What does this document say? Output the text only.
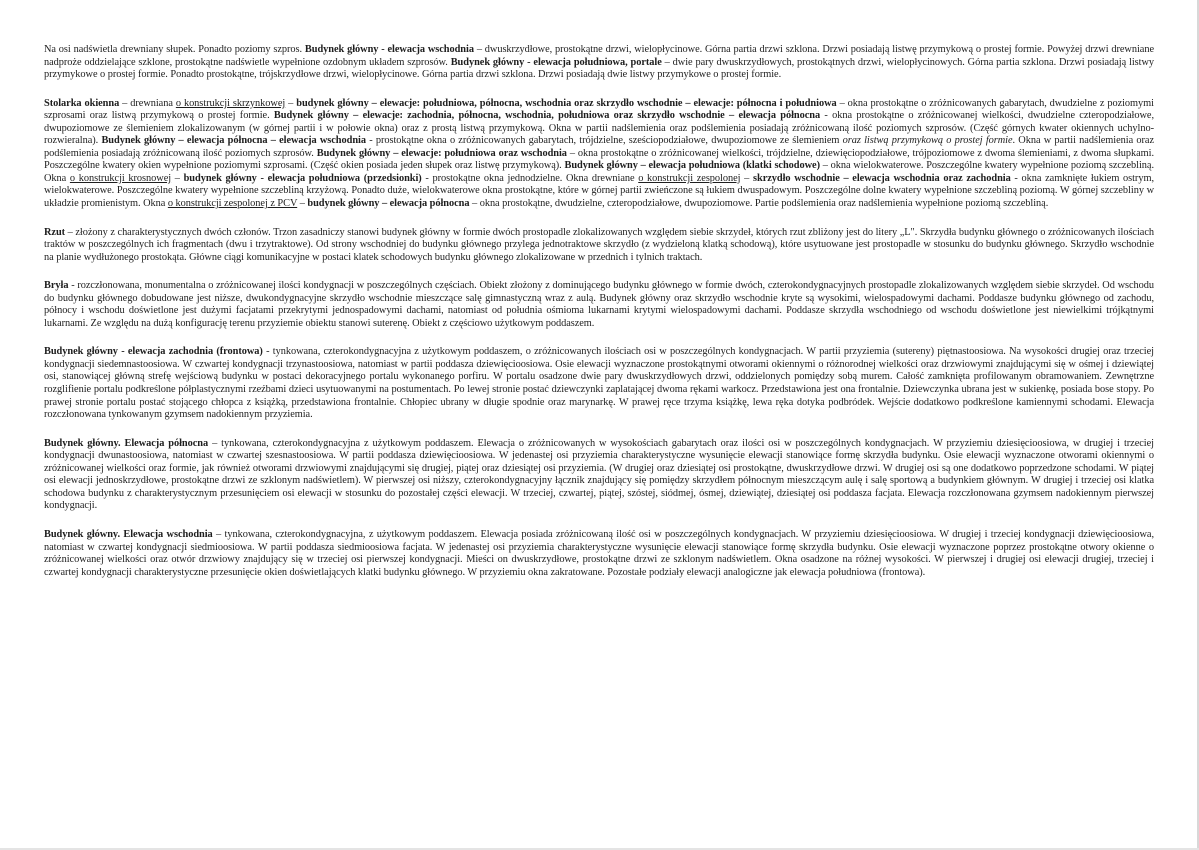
Na osi nadświetla drewniany słupek. Ponadto poziomy szpros. Budynek główny - elewacja wschodnia – dwuskrzydłowe, prostokątne drzwi, wielopłycinowe. Górna partia drzwi szklona. Drzwi posiadają listwę przymykową o prostej formie. Powyżej drzwi drewniane nadproże oddzielające szklone, prostokątne nadświetle wypełnione ozdobnym układem szprosów. Budynek główny - elewacja południowa, portale – dwie pary dwuskrzydłowych, prostokątnych drzwi, wielopłycinowych. Górna partia szklona. Drzwi posiadają listwy przymykowe o prostej formie. Ponadto prostokątne, trójskrzydłowe drzwi, wielopłycinowe. Górna partia drzwi szklona. Drzwi posiadają dwie listwy przymykowe o prostej formie.

Stolarka okienna – drewniana o konstrukcji skrzynkowej – budynek główny – elewacje: południowa, północna, wschodnia oraz skrzydło wschodnie – elewacje: północna i południowa – okna prostokątne o zróżnicowanych gabarytach, dwudzielne z poziomymi szprosami oraz listwą przymykową o prostej formie. Budynek główny – elewacje: zachodnia, północna, wschodnia, południowa oraz skrzydło wschodnie – elewacja północna - okna prostokątne o zróżnicowanej wielkości, dwudzielne czteropodziałowe, dwupoziomowe ze ślemieniem zlokalizowanym (w górnej partii i w połowie okna) oraz z prostą listwą przymykową. Okna w partii nadślemienia oraz podślemienia posiadają zróżnicowaną ilość poziomych szprosów. (Część górnych kwater okiennych uchylno-rozwieralna). Budynek główny – elewacja północna – elewacja wschodnia - prostokątne okna o zróżnicowanych gabarytach, trójdzielne, sześciopodziałowe, dwupoziomowe ze ślemieniem oraz listwą przymykową o prostej formie. Okna w partii nadślemienia oraz podślemienia posiadają zróżnicowaną ilość poziomych szprosów. Budynek główny – elewacje: południowa oraz wschodnia – okna prostokątne o zróżnicowanej wielkości, trójdzielne, dziewięciopodziałowe, trójpoziomowe z dwoma ślemieniami, z dwoma słupkami. Poszczególne kwatery okien wypełnione poziomymi szprosami. (Część okien posiada jeden słupek oraz listwę przymykową). Budynek główny – elewacja południowa (klatki schodowe) – okna wielokwaterowe. Poszczególne kwatery wypełnione poziomą szczebliną. Okna o konstrukcji krosnowej – budynek główny - elewacja południowa (przedsionki) - prostokątne okna jednodzielne. Okna drewniane o konstrukcji zespolonej – skrzydło wschodnie – elewacja wschodnia oraz zachodnia - okna zamknięte łukiem ostrym, wielokwaterowe. Poszczególne kwatery wypełnione szczebliną krzyżową. Ponadto duże, wielokwaterowe okna prostokątne, które w górnej partii zwieńczone są łukiem dwuspadowym. Poszczególne dolne kwatery wypełnione szczebliną poziomą. W górnej szczebliny w układzie promienistym. Okna o konstrukcji zespolonej z PCV – budynek główny – elewacja północna – okna prostokątne, dwudzielne, czteropodziałowe, dwupoziomowe. Partie podślemienia oraz nadślemienia wypełnione poziomą szczebliną.

Rzut – złożony z charakterystycznych dwóch członów. Trzon zasadniczy stanowi budynek główny w formie dwóch prostopadle zlokalizowanych względem siebie skrzydeł, których rzut zbliżony jest do litery „L". Skrzydła budynku głównego o zróżnicowanych ilościach traktów w poszczególnych ich fragmentach (dwu i trzytraktowe). Od strony wschodniej do budynku głównego przylega jednotraktowe skrzydło (z wydzieloną klatką schodową), które usytuowane jest prostopadle w stosunku do budynku głównego. Skrzydło wschodnie na planie wydłużonego prostokąta. Główne ciągi komunikacyjne w postaci klatek schodowych budynku głównego zlokalizowane w przednich i tylnich traktach.

Bryła - rozczłonowana, monumentalna o zróżnicowanej ilości kondygnacji w poszczególnych częściach. Obiekt złożony z dominującego budynku głównego w formie dwóch, czterokondygnacyjnych prostopadle zlokalizowanych względem siebie skrzydeł. Od wschodu do budynku głównego dobudowane jest niższe, dwukondygnacyjne skrzydło wschodnie mieszczące salę gimnastyczną wraz z aulą. Budynek główny oraz skrzydło wschodnie kryte są wysokimi, wielospadowymi dachami. Poddasze budynku głównego od zachodu, północy i wschodu doświetlone jest dużymi facjatami przekrytymi jednospadowymi dachami, natomiast od południa ośmioma lukarnami krytymi wielospadowymi dachami. Poddasze skrzydła wschodniego od wschodu doświetlone jest niewielkimi trójkątnymi lukarnami. Ze względu na dużą konfigurację terenu przyziemie obiektu stanowi suterenę. Obiekt z częściowo użytkowym poddaszem.

Budynek główny - elewacja zachodnia (frontowa) - tynkowana, czterokondygnacyjna z użytkowym poddaszem, o zróżnicowanych ilościach osi w poszczególnych kondygnacjach. W partii przyziemia (sutereny) piętnastoosiowa. Na wysokości drugiej oraz trzeciej kondygnacji siedemnastoosiowa. W czwartej kondygnacji trzynastoosiowa, natomiast w partii poddasza dziewięcioosiowa. Osie elewacji wyznaczone prostokątnymi otworami okiennymi o różnorodnej wielkości oraz drzwiowymi znajdującymi się w ośmej i dziewiątej osi, stanowiącej główną strefę wejściową budynku w postaci dekoracyjnego portalu wykonanego porfiru. W portalu osadzone dwie pary dwuskrzydłowych drzwi, oddzielonych pomiędzy sobą murem. Całość zamknięta profilowanym obramowaniem. Zewnętrzne rozglifienie portalu podkreślone półplastycznymi rzeźbami dzieci usytuowanymi na postumentach. Po lewej stronie postać dziewczynki zaplatającej dwoma rękami warkocz. Przedstawiona jest ona frontalnie. Dziewczynka ubrana jest w sukienkę, posiada bose stopy. Po prawej stronie portalu postać stojącego chłopca z książką, przedstawiona frontalnie. Chłopiec ubrany w długie spodnie oraz marynarkę. W prawej ręce trzyma książkę, lewa ręka dotyka podbródek. Wejście dodatkowo podkreślone kamiennymi schodami. Elewacja rozczłonowana tynkowanym gzymsem nadokiennym przyziemia.

Budynek główny. Elewacja północna – tynkowana, czterokondygnacyjna z użytkowym poddaszem. Elewacja o zróżnicowanych w wysokościach gabarytach oraz ilości osi w poszczególnych kondygnacjach. W przyziemiu dziesięcioosiowa, w drugiej i trzeciej kondygnacji dwunastoosiowa, natomiast w czwartej szesnastoosiowa. W partii poddasza dziewięcioosiowa. W jedenastej osi przyziemia charakterystyczne wysunięcie elewacji stanowiące formę skrzydła budynku. Osie elewacji wyznaczone otworami okiennymi o zróżnicowanej wielkości oraz formie, jak również otworami drzwiowymi znajdującymi się drugiej, piątej oraz dziesiątej osi przyziemia. (W drugiej oraz dziesiątej osi prostokątne, dwuskrzydłowe drzwi. W drugiej osi są one dodatkowo poprzedzone schodami. W piątej osi elewacji jednoskrzydłowe, prostokątne drzwi ze szklonym nadświetlem). W pierwszej osi niższy, czterokondygnacyjny łącznik znajdujący się pomiędzy skrzydłem północnym mieszczącym aulę i salę sportową a budynkiem głównym. W drugiej i trzeciej osi klatka schodowa budynku z charakterystycznym przesunięciem osi elewacji w stosunku do pozostałej części elewacji. W trzeciej, czwartej, piątej, szóstej, siódmej, ósmej, dziewiątej, dziesiątej osi poddasza facjata. Elewacja rozczłonowana gzymsem nadokiennym pierwszej kondygnacji.

Budynek główny. Elewacja wschodnia – tynkowana, czterokondygnacyjna, z użytkowym poddaszem. Elewacja posiada zróżnicowaną ilość osi w poszczególnych kondygnacjach. W przyziemiu dziesięcioosiowa. W drugiej i trzeciej kondygnacji dziewięcioosiowa, natomiast w czwartej kondygnacji siedmioosiowa. W partii poddasza siedmioosiowa facjata. W jedenastej osi przyziemia charakterystyczne wysunięcie elewacji stanowiące formę skrzydła budynku. Osie elewacji wyznaczone poprzez prostokątne otwory okienne o zróżnicowanej wielkości oraz otwór drzwiowy znajdujący się w trzeciej osi pierwszej kondygnacji. Mieści on dwuskrzydłowe, prostokątne drzwi ze szklonym nadświetlem. Okna osadzone na różnej wysokości. W pierwszej i drugiej osi elewacji drugiej, trzeciej i czwartej kondygnacji charakterystyczne przesunięcie okien doświetlających klatki budynku głównego. W przyziemiu okna zakratowane. Pozostałe podziały elewacji analogiczne jak elewacja południowa (frontowa).
